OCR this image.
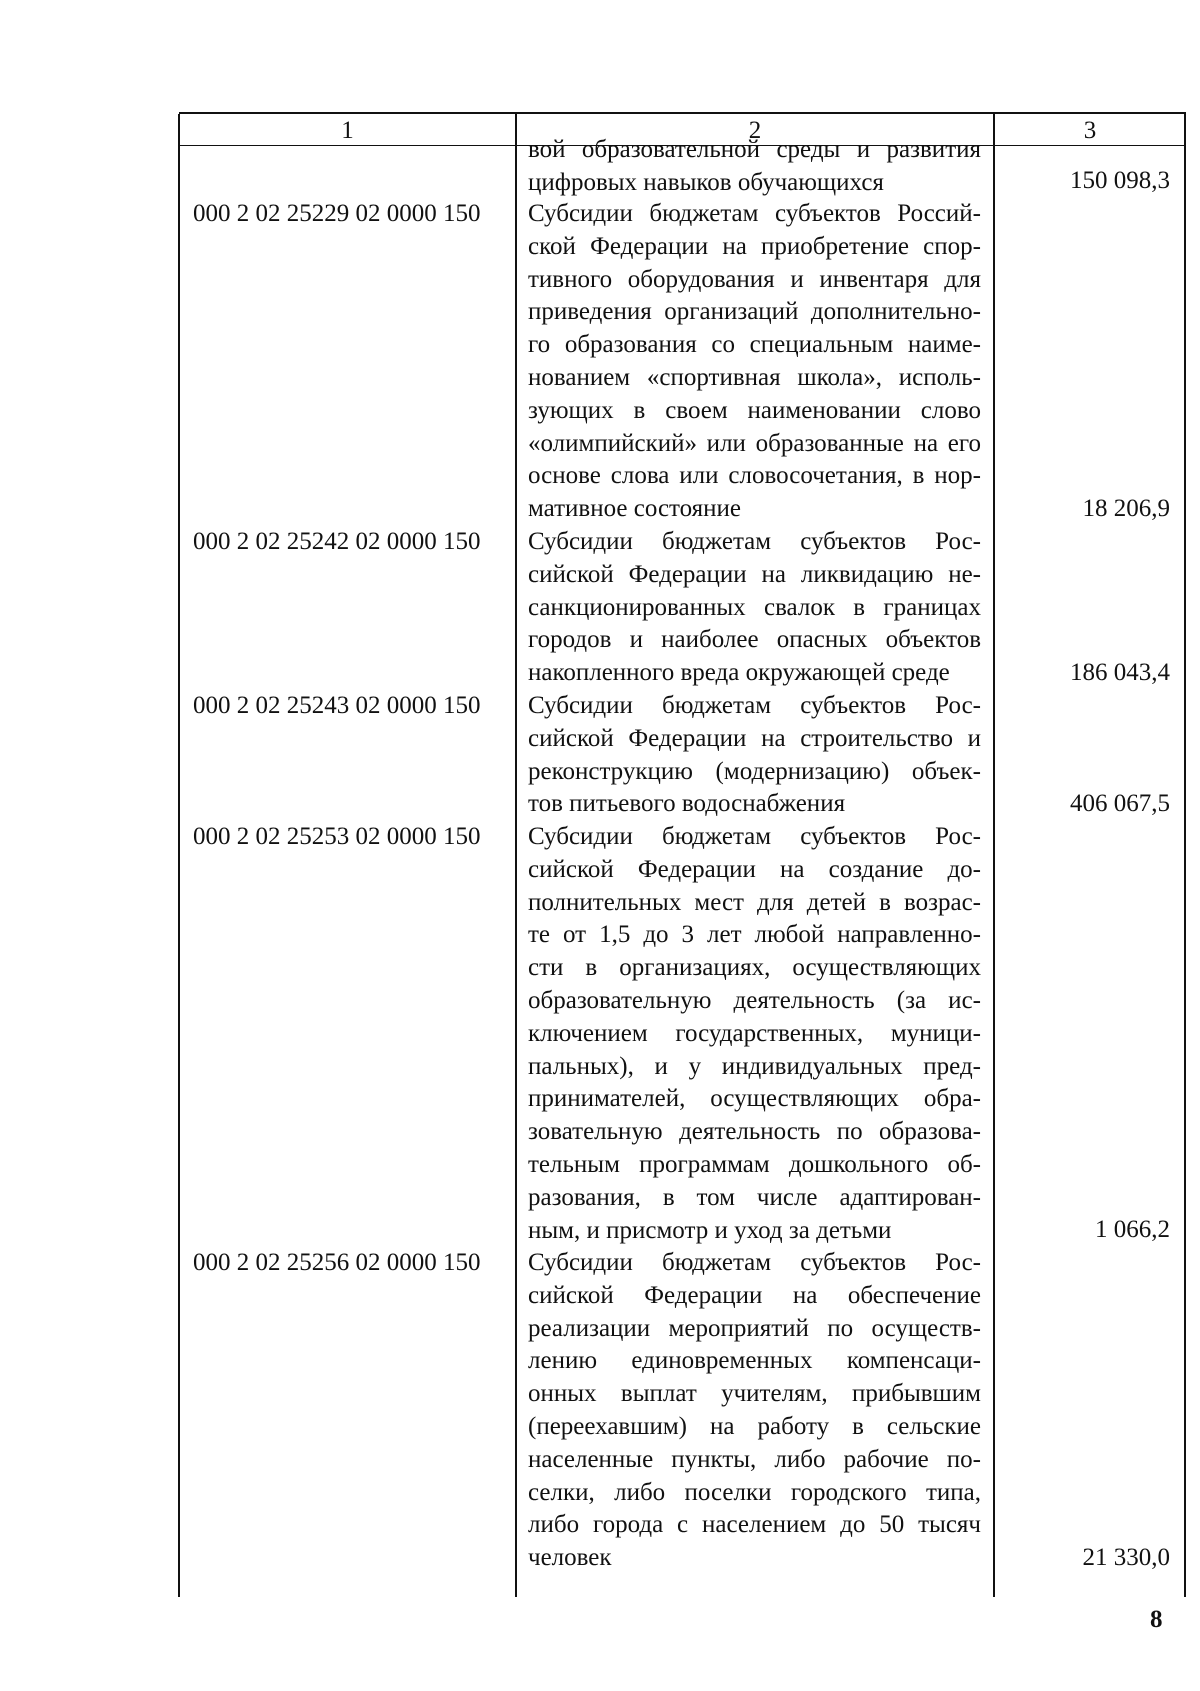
1	2	3
вой образовательной среды и развития
цифровых навыков обучающихся	150 098,3
000 2 02 25229 02 0000 150	Субсидии бюджетам субъектов Россий-
ской Федерации на приобретение спор-
тивного оборудования и инвентаря для
приведения организаций дополнительно-
го образования со специальным наиме-
нованием «спортивная школа», исполь-
зующих в своем наименовании слово
«олимпийский» или образованные на его
основе слова или словосочетания, в нор-
мативное состояние	18 206,9
000 2 02 25242 02 0000 150	Субсидии бюджетам субъектов Рос-
сийской Федерации на ликвидацию не-
санкционированных свалок в границах
городов и наиболее опасных объектов
накопленного вреда окружающей среде	186 043,4
000 2 02 25243 02 0000 150	Субсидии бюджетам субъектов Рос-
сийской Федерации на строительство и
реконструкцию (модернизацию) объек-
тов питьевого водоснабжения	406 067,5
000 2 02 25253 02 0000 150	Субсидии бюджетам субъектов Рос-
сийской Федерации на создание до-
полнительных мест для детей в возрас-
те от 1,5 до 3 лет любой направленно-
сти в организациях, осуществляющих
образовательную деятельность (за ис-
ключением государственных, муници-
пальных), и у индивидуальных пред-
принимателей, осуществляющих обра-
зовательную деятельность по образова-
тельным программам дошкольного об-
разования, в том числе адаптирован-
ным, и присмотр и уход за детьми	1 066,2
000 2 02 25256 02 0000 150	Субсидии бюджетам субъектов Рос-
сийской Федерации на обеспечение
реализации мероприятий по осуществ-
лению единовременных компенсаци-
онных выплат учителям, прибывшим
(переехавшим) на работу в сельские
населенные пункты, либо рабочие по-
селки, либо поселки городского типа,
либо города с населением до 50 тысяч
человек	21 330,0
8
